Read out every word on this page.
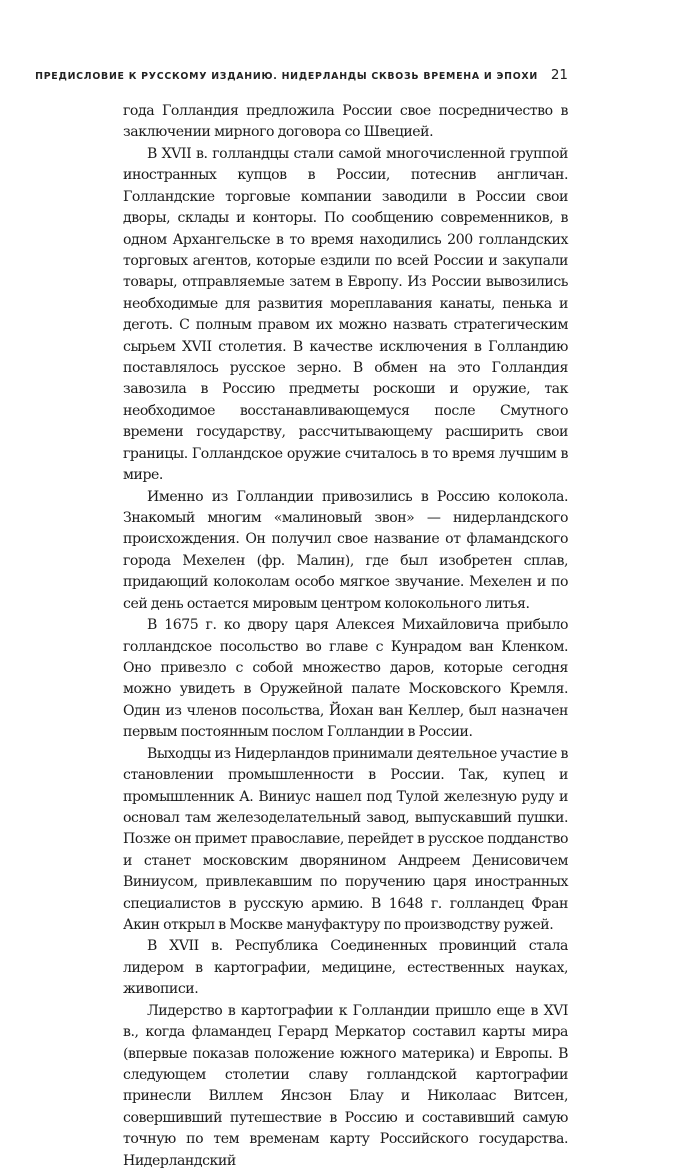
ПРЕДИСЛОВИЕ К РУССКОМУ ИЗДАНИЮ. НИДЕРЛАНДЫ СКВОЗЬ ВРЕМЕНА И ЭПОХИ 21

года Голландия предложила России свое посредничество в заключении мирного договора со Швецией.

В XVII в. голландцы стали самой многочисленной группой иностранных купцов в России, потеснив англичан. Голландские торговые компании заводили в России свои дворы, склады и конторы. По сообщению современников, в одном Архангельске в то время находились 200 голландских торговых агентов, которые ездили по всей России и закупали товары, отправляемые затем в Европу. Из России вывозились необходимые для развития мореплавания канаты, пенька и деготь. С полным правом их можно назвать стратегическим сырьем XVII столетия. В качестве исключения в Голландию поставлялось русское зерно. В обмен на это Голландия завозила в Россию предметы роскоши и оружие, так необходимое восстанавливающемуся после Смутного времени государству, рассчитывающему расширить свои границы. Голландское оружие считалось в то время лучшим в мире.

Именно из Голландии привозились в Россию колокола. Знакомый многим «малиновый звон» — нидерландского происхождения. Он получил свое название от фламандского города Мехелен (фр. Малин), где был изобретен сплав, придающий колоколам особо мягкое звучание. Мехелен и по сей день остается мировым центром колокольного литья.

В 1675 г. ко двору царя Алексея Михайловича прибыло голландское посольство во главе с Кунрадом ван Кленком. Оно привезло с собой множество даров, которые сегодня можно увидеть в Оружейной палате Московского Кремля. Один из членов посольства, Йохан ван Келлер, был назначен первым постоянным послом Голландии в России.

Выходцы из Нидерландов принимали деятельное участие в становлении промышленности в России. Так, купец и промышленник А. Виниус нашел под Тулой железную руду и основал там железоделательный завод, выпускавший пушки. Позже он примет православие, перейдет в русское подданство и станет московским дворянином Андреем Денисовичем Виниусом, привлекавшим по поручению царя иностранных специалистов в русскую армию. В 1648 г. голландец Фран Акин открыл в Москве мануфактуру по производству ружей.

В XVII в. Республика Соединенных провинций стала лидером в картографии, медицине, естественных науках, живописи.

Лидерство в картографии к Голландии пришло еще в XVI в., когда фламандец Герард Меркатор составил карты мира (впервые показав положение южного материка) и Европы. В следующем столетии славу голландской картографии принесли Виллем Янсзон Блау и Николаас Витсен, совершивший путешествие в Россию и составивший самую точную по тем временам карту Российского государства. Нидерландский
